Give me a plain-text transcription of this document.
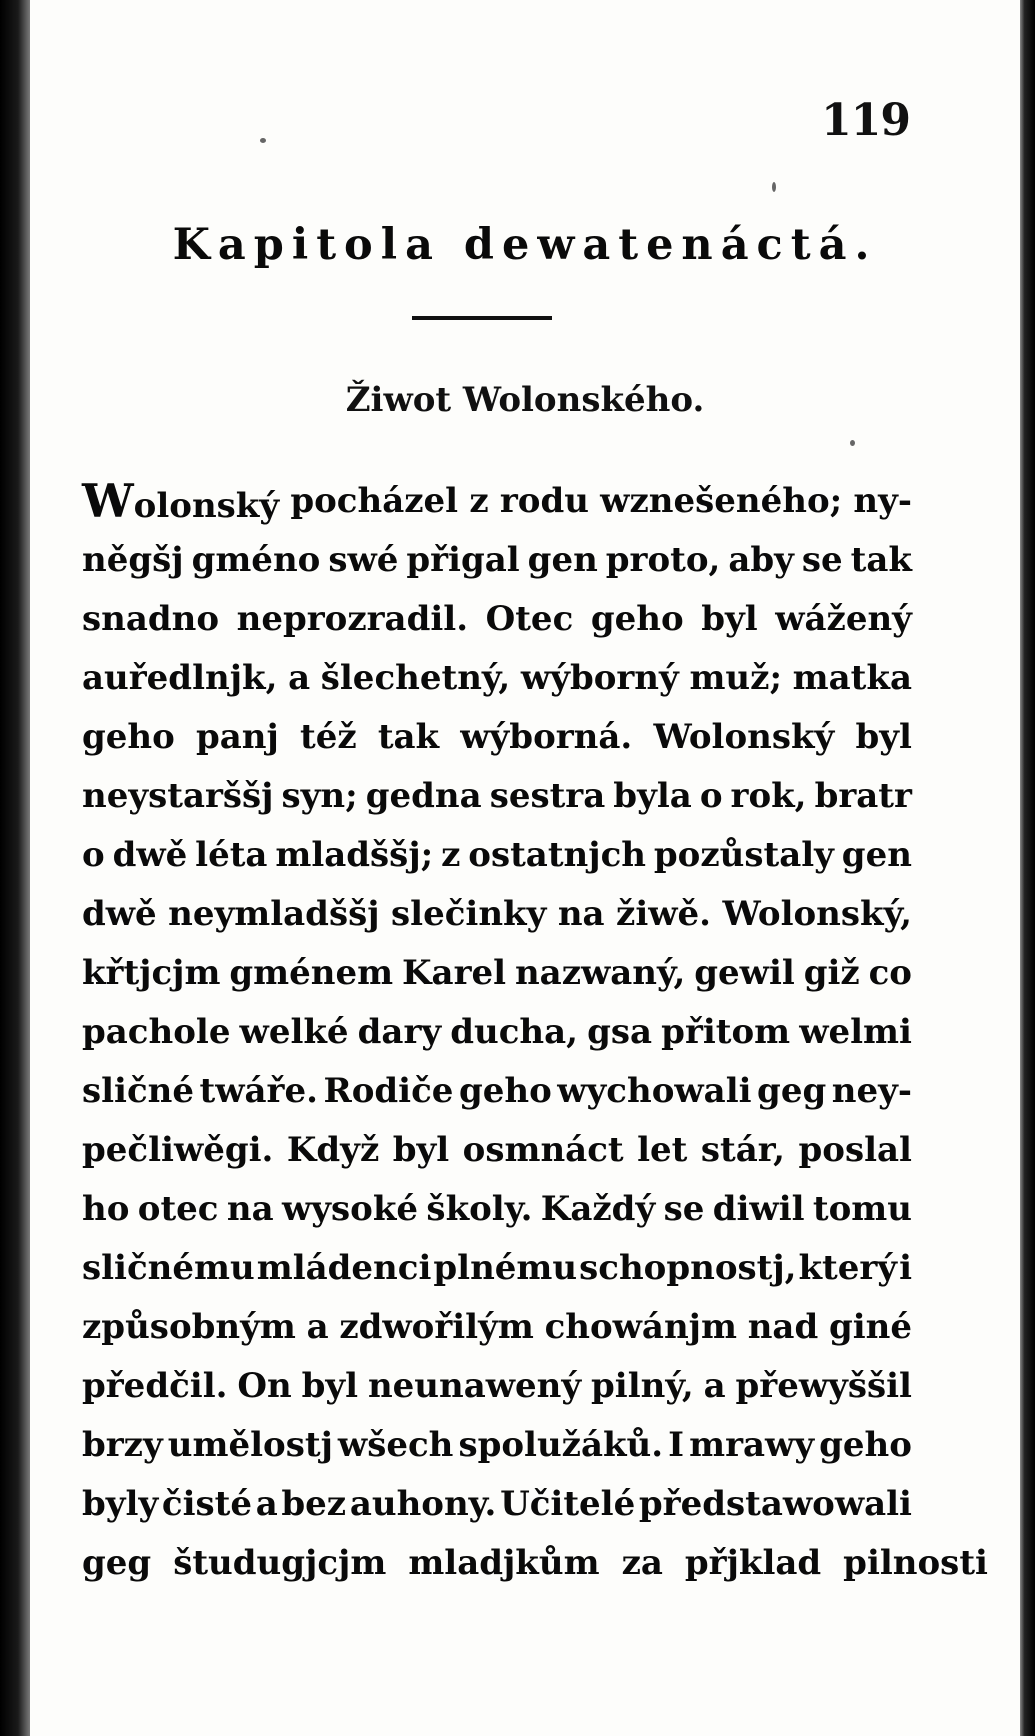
119
Kapitola dewatenáctá.
Žiwot Wolonského.
Wolonský pocházel z rodu wznešeného; ny-
něgšj gméno swé přigal gen proto, aby se tak
snadno neprozradil. Otec geho byl wážený
auředlnjk, a šlechetný, wýborný muž; matka
geho panj též tak wýborná. Wolonský byl
neystarššj syn; gedna sestra byla o rok, bratr
o dwě léta mladššj; z ostatnjch pozůstaly gen
dwě neymladššj slečinky na žiwě. Wolonský,
křtjcjm gménem Karel nazwaný, gewil giž co
pachole welké dary ducha, gsa přitom welmi
sličné twáře. Rodiče geho wychowali geg ney-
pečliwěgi. Když byl osmnáct let stár, poslal
ho otec na wysoké školy. Každý se diwil tomu
sličnému mládenci plnému schopnostj, který i
způsobným a zdwořilým chowánjm nad giné
předčil. On byl neunawený pilný, a přewyššil
brzy umělostj wšech spolužáků. I mrawy geho
byly čisté a bez auhony. Učitelé předstawowali
geg študugjcjm mladjkům za přjklad pilnosti
